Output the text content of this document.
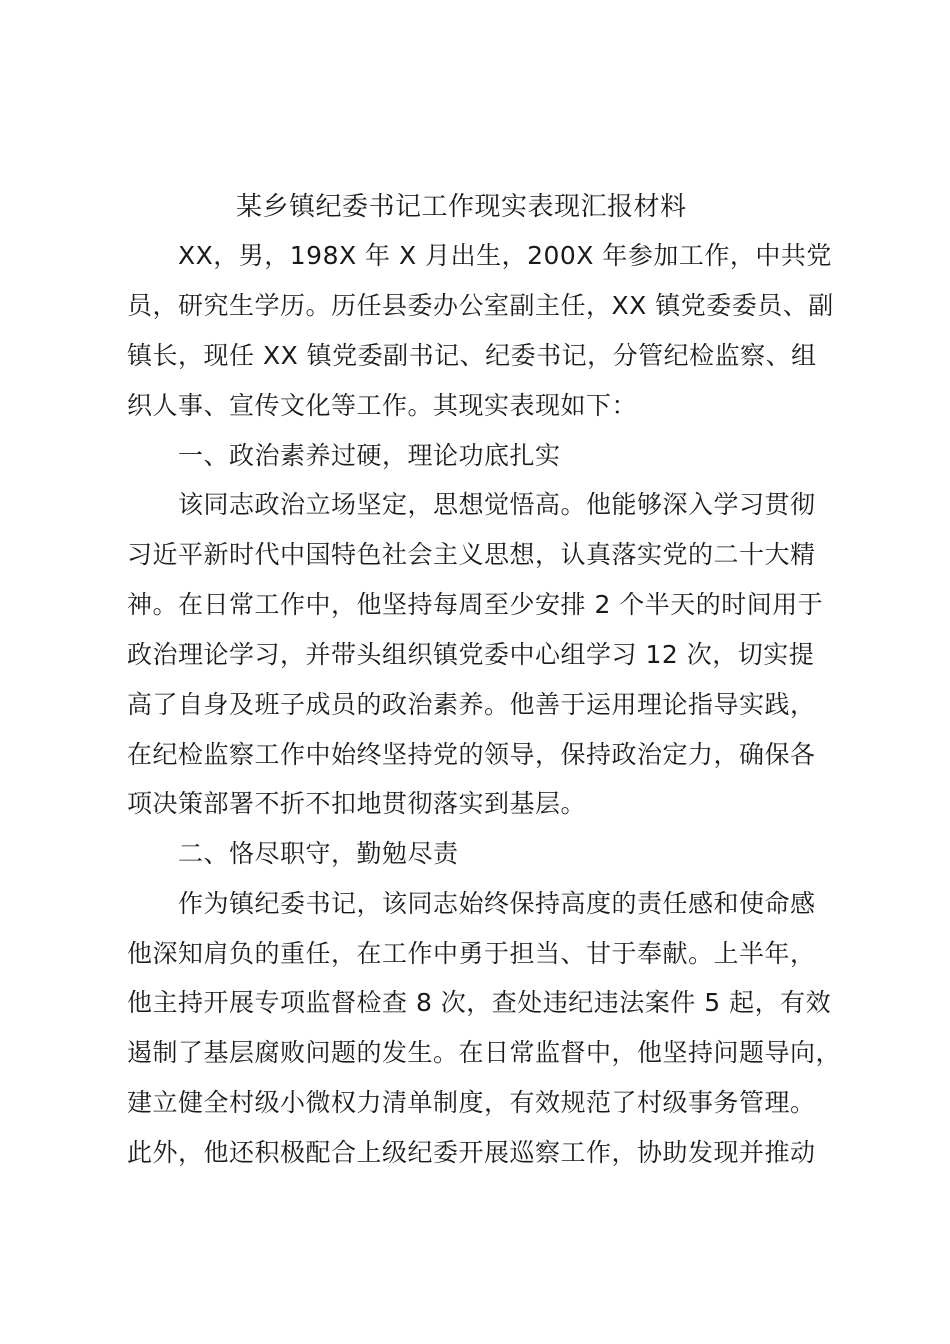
某乡镇纪委书记工作现实表现汇报材料
XX，男，198X 年 X 月出生，200X 年参加工作，中共党
员，研究生学历。历任县委办公室副主任，XX 镇党委委员、副
镇长，现任 XX 镇党委副书记、纪委书记，分管纪检监察、组
织人事、宣传文化等工作。其现实表现如下：
一、政治素养过硬，理论功底扎实
该同志政治立场坚定，思想觉悟高。他能够深入学习贯彻
习近平新时代中国特色社会主义思想，认真落实党的二十大精
神。在日常工作中，他坚持每周至少安排 2 个半天的时间用于
政治理论学习，并带头组织镇党委中心组学习 12 次，切实提
高了自身及班子成员的政治素养。他善于运用理论指导实践，
在纪检监察工作中始终坚持党的领导，保持政治定力，确保各
项决策部署不折不扣地贯彻落实到基层。
二、恪尽职守，勤勉尽责
作为镇纪委书记，该同志始终保持高度的责任感和使命感
他深知肩负的重任，在工作中勇于担当、甘于奉献。上半年，
他主持开展专项监督检查 8 次，查处违纪违法案件 5 起，有效
遏制了基层腐败问题的发生。在日常监督中，他坚持问题导向，
建立健全村级小微权力清单制度，有效规范了村级事务管理。
此外，他还积极配合上级纪委开展巡察工作，协助发现并推动
